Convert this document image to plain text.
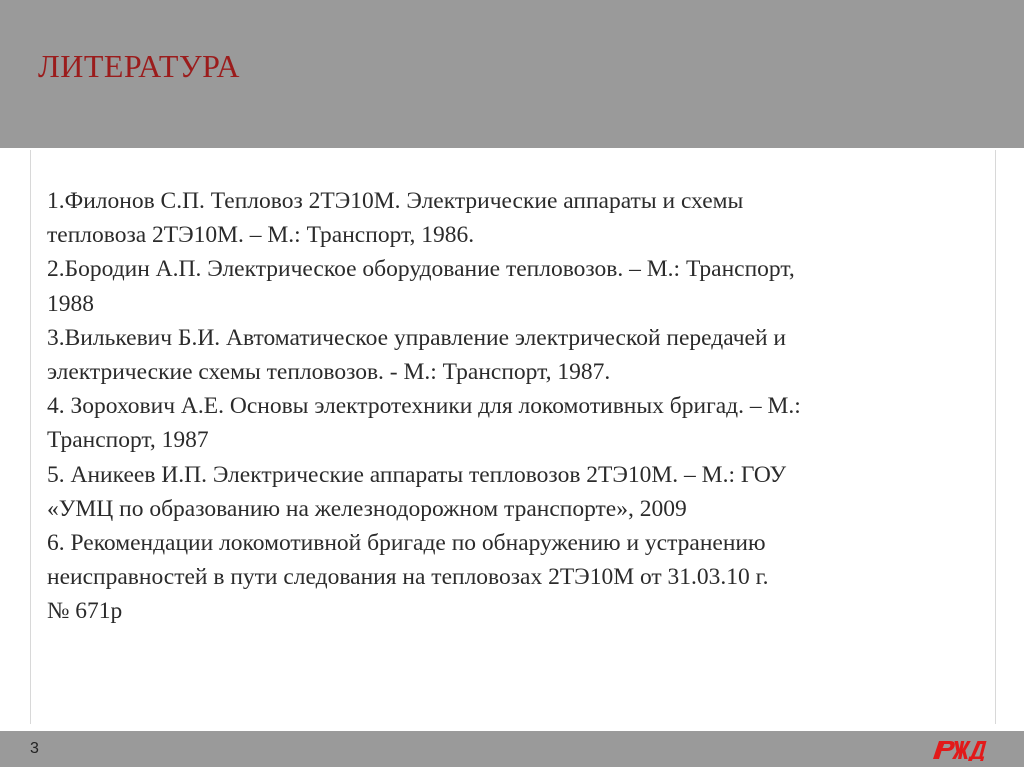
ЛИТЕРАТУРА
1.Филонов С.П. Тепловоз 2ТЭ10М. Электрические аппараты и схемы
тепловоза 2ТЭ10М. – М.: Транспорт, 1986.
2.Бородин А.П. Электрическое оборудование тепловозов. – М.: Транспорт,
1988
3.Вилькевич Б.И. Автоматическое управление электрической передачей и
электрические схемы тепловозов. - М.: Транспорт, 1987.
4. Зорохович А.Е. Основы электротехники для локомотивных бригад. – М.:
Транспорт, 1987
5. Аникеев И.П. Электрические аппараты тепловозов 2ТЭ10М. – М.: ГОУ
«УМЦ по образованию на железнодорожном транспорте», 2009
6. Рекомендации локомотивной бригаде по обнаружению и устранению
неисправностей в пути следования на тепловозах 2ТЭ10М от 31.03.10 г.
№ 671р
3
